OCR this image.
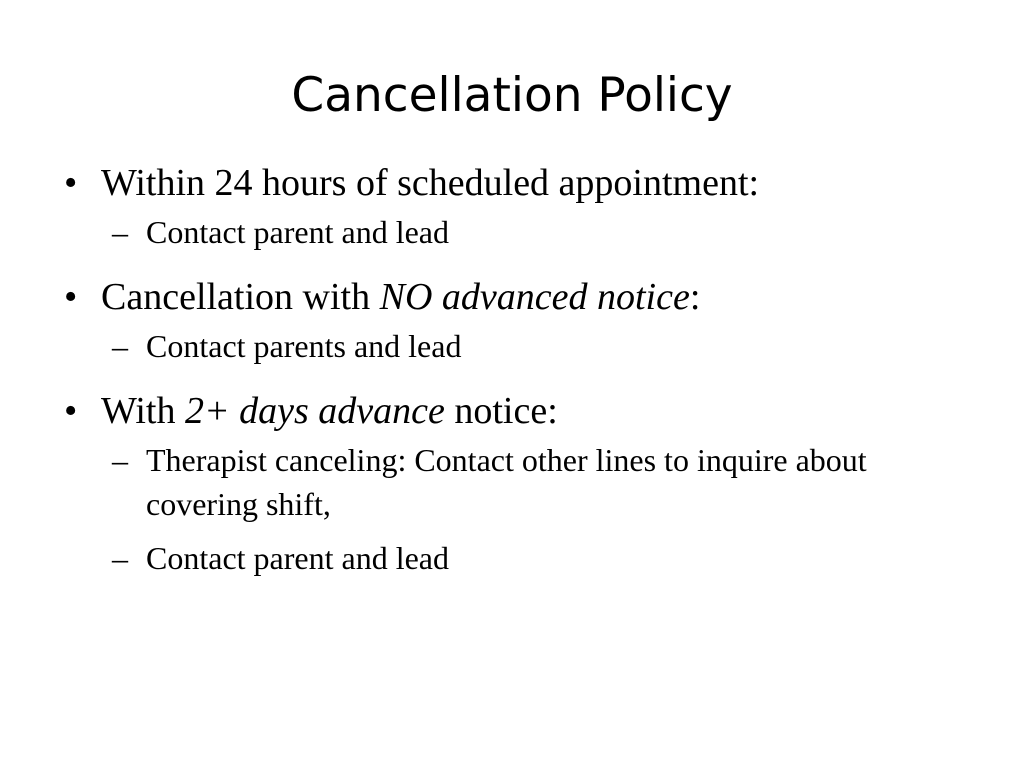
Cancellation Policy
• Within 24 hours of scheduled appointment:
– Contact parent and lead
• Cancellation with NO advanced notice:
– Contact parents and lead
• With 2+ days advance notice:
– Therapist canceling: Contact other lines to inquire about covering shift,
– Contact parent and lead
